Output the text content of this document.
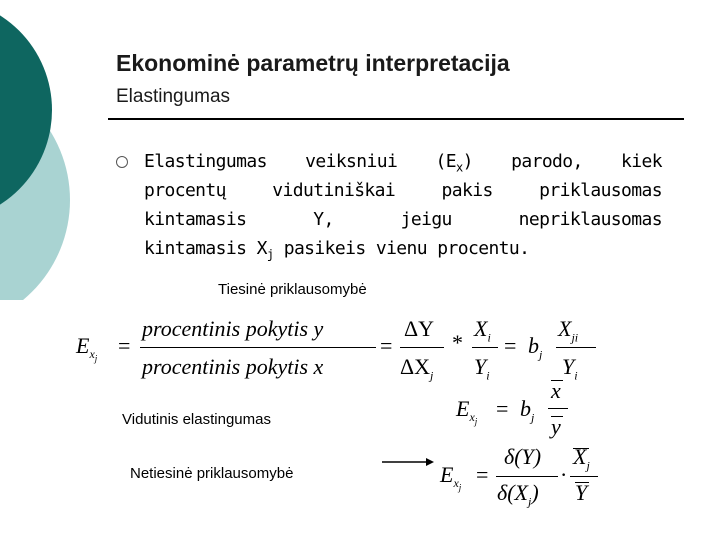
Ekonominė parametrų interpretacija
Elastingumas
Elastingumas veiksniui $(E_x)$ parodo, kiek
procentų vidutiniškai pakis priklausomas
kintamasis Y, jeigu nepriklausomas
kintamasis $X_j$ pasikeis vienu procentu.
Tiesinė priklausomybė
$E_{x_j}$
=
procentinis pokytis y
procentinis pokytis x
=
ΔY
$\Delta X_j$
*
$X_i$
$Y_i$
= $b_j$
$X_{ji}$
$Y_i$
Vidutinis elastingumas	$E_{x_j}$
= $b_j$
x
y
Netiesinė priklausomybė	$E_{x_j}$
=
δ(Y)
$\delta(X_j)$
·
$X_j$
Y
